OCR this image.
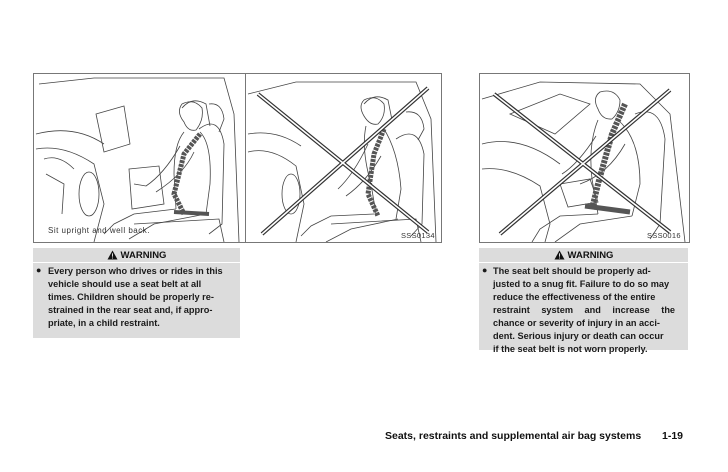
Sit upright and well back.
SSS0134	SSS0016
WARNING
● Every person who drives or rides in this
vehicle should use a seat belt at all
times. Children should be properly re-
strained in the rear seat and, if appro-
priate, in a child restraint.
WARNING
● The seat belt should be properly ad-
justed to a snug fit. Failure to do so may
reduce the effectiveness of the entire
restraint system and increase the
chance or severity of injury in an acci-
dent. Serious injury or death can occur
if the seat belt is not worn properly.
Seats, restraints and supplemental air bag systems 1-19
